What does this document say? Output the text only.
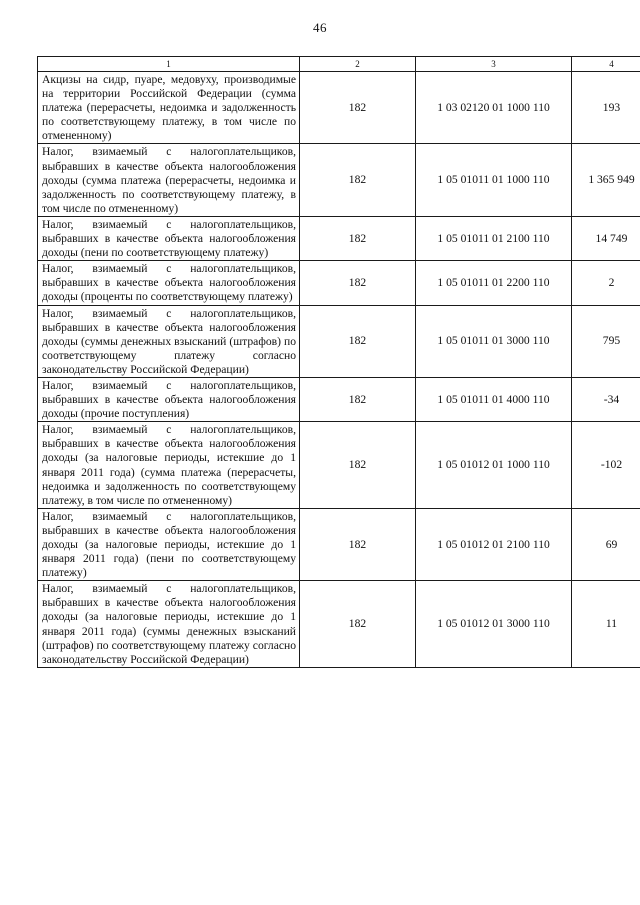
46
1	2	3	4
Акцизы на сидр, пуаре, медовуху, производимые на территории Российской Федерации (сумма платежа (перерасчеты, недоимка и задолженность по соответствующему платежу, в том числе по отмененному)	182	1 03 02120 01 1000 110	193
Налог, взимаемый с налогоплательщиков, выбравших в качестве объекта налогообложения доходы (сумма платежа (перерасчеты, недоимка и задолженность по соответствующему платежу, в том числе по отмененному)	182	1 05 01011 01 1000 110	1 365 949
Налог, взимаемый с налогоплательщиков, выбравших в качестве объекта налогообложения доходы (пени по соответствующему платежу)	182	1 05 01011 01 2100 110	14 749
Налог, взимаемый с налогоплательщиков, выбравших в качестве объекта налогообложения доходы (проценты по соответствующему платежу)	182	1 05 01011 01 2200 110	2
Налог, взимаемый с налогоплательщиков, выбравших в качестве объекта налогообложения доходы (суммы денежных взысканий (штрафов) по соответствующему платежу согласно законодательству Российской Федерации)	182	1 05 01011 01 3000 110	795
Налог, взимаемый с налогоплательщиков, выбравших в качестве объекта налогообложения доходы (прочие поступления)	182	1 05 01011 01 4000 110	-34
Налог, взимаемый с налогоплательщиков, выбравших в качестве объекта налогообложения доходы (за налоговые периоды, истекшие до 1 января 2011 года) (сумма платежа (перерасчеты, недоимка и задолженность по соответствующему платежу, в том числе по отмененному)	182	1 05 01012 01 1000 110	-102
Налог, взимаемый с налогоплательщиков, выбравших в качестве объекта налогообложения доходы (за налоговые периоды, истекшие до 1 января 2011 года) (пени по соответствующему платежу)	182	1 05 01012 01 2100 110	69
Налог, взимаемый с налогоплательщиков, выбравших в качестве объекта налогообложения доходы (за налоговые периоды, истекшие до 1 января 2011 года) (суммы денежных взысканий (штрафов) по соответствующему платежу согласно законодательству Российской Федерации)	182	1 05 01012 01 3000 110	11
